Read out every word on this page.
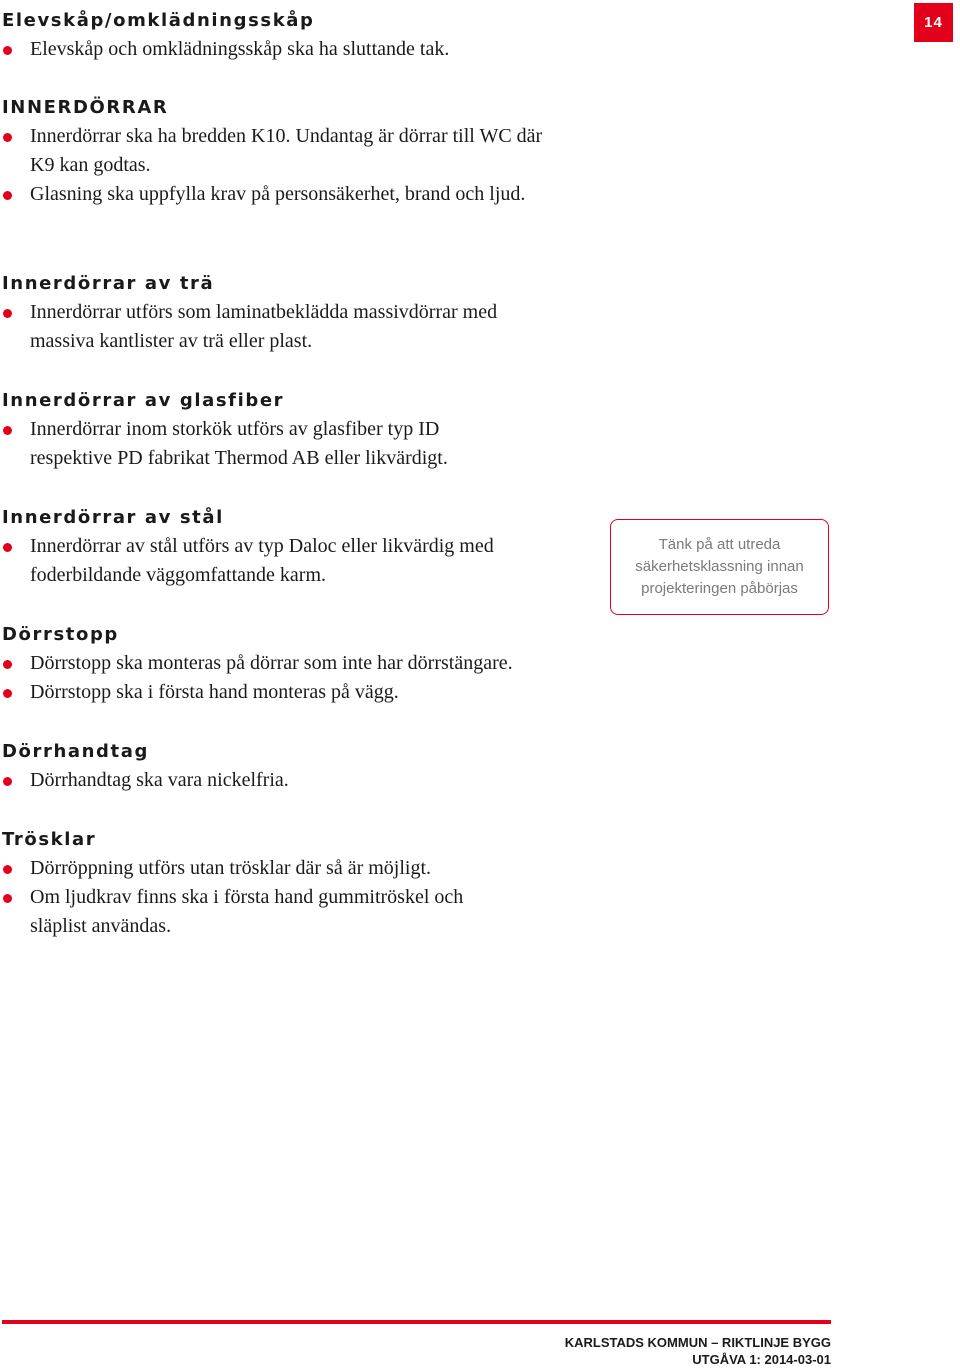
14
Elevskåp/omklädningsskåp
Elevskåp och omklädningsskåp ska ha sluttande tak.
INNERDÖRRAR
Innerdörrar ska ha bredden K10. Undantag är dörrar till WC där K9 kan godtas.
Glasning ska uppfylla krav på personsäkerhet, brand och ljud.
Innerdörrar av trä
Innerdörrar utförs som laminatbeklädda massivdörrar med massiva kantlister av trä eller plast.
Innerdörrar av glasfiber
Innerdörrar inom storkök utförs av glasfiber typ ID respektive PD fabrikat Thermod AB eller likvärdigt.
Innerdörrar av stål
Innerdörrar av stål utförs av typ Daloc eller likvärdig med foderbildande väggomfattande karm.
Dörrstopp
Dörrstopp ska monteras på dörrar som inte har dörrstängare.
Dörrstopp ska i första hand monteras på vägg.
Dörrhandtag
Dörrhandtag ska vara nickelfria.
Trösklar
Dörröppning utförs utan trösklar där så är möjligt.
Om ljudkrav finns ska i första hand gummitröskel och släplist användas.
Tänk på att utreda säkerhetsklassning innan projekteringen påbörjas
KARLSTADS KOMMUN – RIKTLINJE BYGG
UTGÅVA 1: 2014-03-01
